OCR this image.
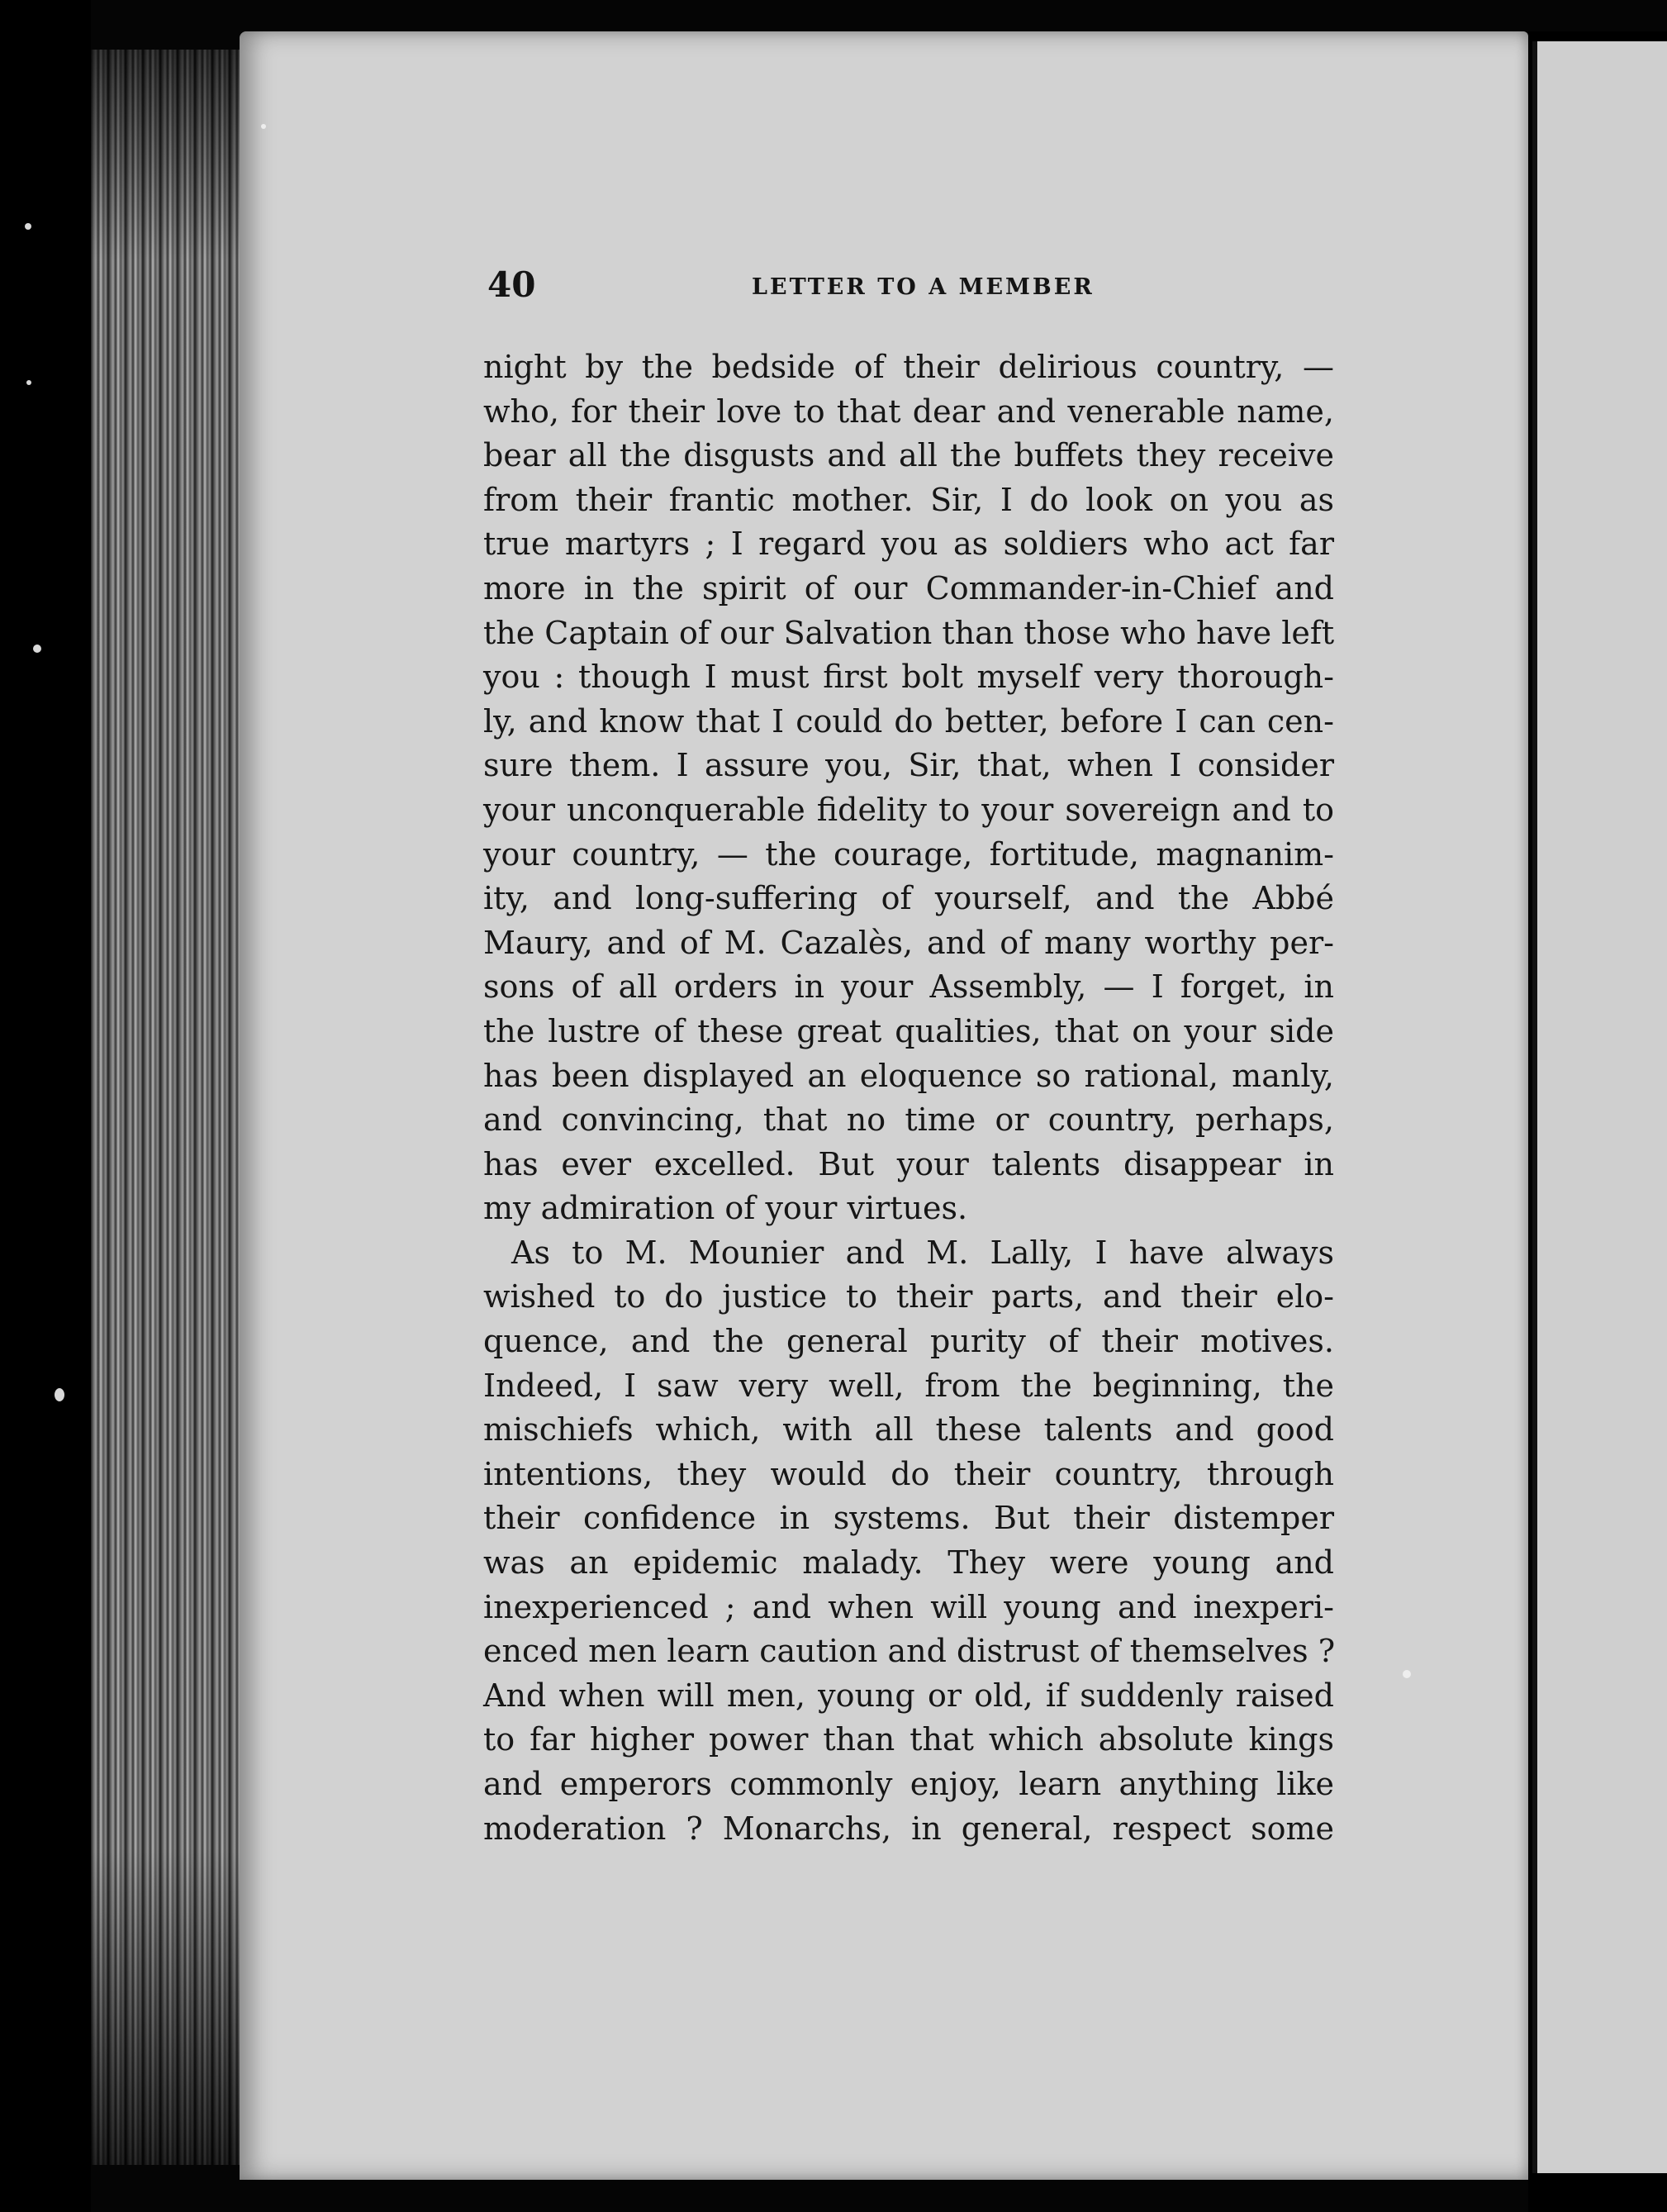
40	LETTER TO A MEMBER
night by the bedside of their delirious country, —
who, for their love to that dear and venerable name,
bear all the disgusts and all the buffets they receive
from their frantic mother. Sir, I do look on you as
true martyrs ; I regard you as soldiers who act far
more in the spirit of our Commander-in-Chief and
the Captain of our Salvation than those who have left
you : though I must first bolt myself very thorough-
ly, and know that I could do better, before I can cen-
sure them. I assure you, Sir, that, when I consider
your unconquerable fidelity to your sovereign and to
your country, — the courage, fortitude, magnanim-
ity, and long-suffering of yourself, and the Abbé
Maury, and of M. Cazalès, and of many worthy per-
sons of all orders in your Assembly, — I forget, in
the lustre of these great qualities, that on your side
has been displayed an eloquence so rational, manly,
and convincing, that no time or country, perhaps,
has ever excelled. But your talents disappear in
my admiration of your virtues.
As to M. Mounier and M. Lally, I have always
wished to do justice to their parts, and their elo-
quence, and the general purity of their motives.
Indeed, I saw very well, from the beginning, the
mischiefs which, with all these talents and good
intentions, they would do their country, through
their confidence in systems. But their distemper
was an epidemic malady. They were young and
inexperienced ; and when will young and inexperi-
enced men learn caution and distrust of themselves ?
And when will men, young or old, if suddenly raised
to far higher power than that which absolute kings
and emperors commonly enjoy, learn anything like
moderation ? Monarchs, in general, respect some
